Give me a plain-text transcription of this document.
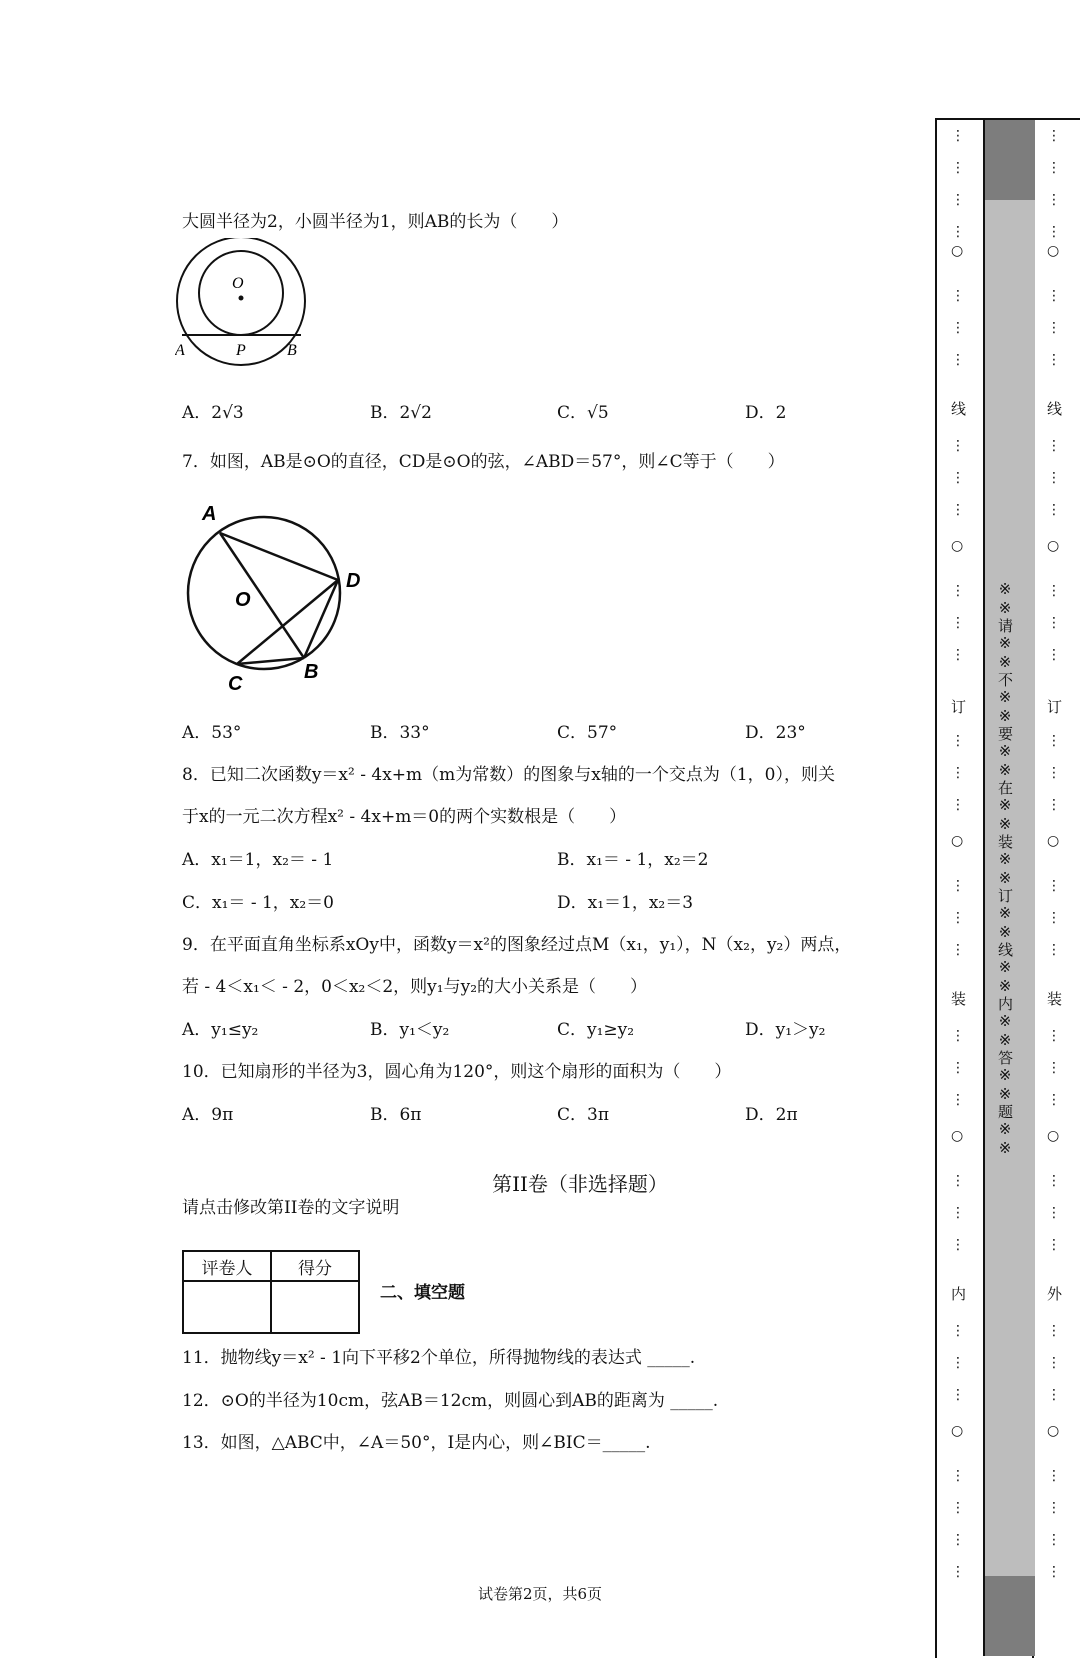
大圆半径为2，小圆半径为1，则AB的长为（　　）
O
A	P	B
A．2√3	B．2√2	C．√5	D．2
7．如图，AB是⊙O的直径，CD是⊙O的弦，∠ABD＝57°，则∠C等于（　　）
A
O
D
C
B
A．53°	B．33°	C．57°	D．23°
8．已知二次函数y＝x² - 4x+m（m为常数）的图象与x轴的一个交点为（1，0），则关
于x的一元二次方程x² - 4x+m＝0的两个实数根是（　　）
A．x₁＝1，x₂＝ - 1	B．x₁＝ - 1，x₂＝2
C．x₁＝ - 1，x₂＝0	D．x₁＝1，x₂＝3
9．在平面直角坐标系xOy中，函数y＝x²的图象经过点M（x₁，y₁），N（x₂，y₂）两点，
若 - 4＜x₁＜ - 2，0＜x₂＜2，则y₁与y₂的大小关系是（　　）
A．y₁≤y₂	B．y₁＜y₂	C．y₁≥y₂	D．y₁＞y₂
10．已知扇形的半径为3，圆心角为120°，则这个扇形的面积为（　　）
A．9π	B．6π	C．3π	D．2π
第II卷（非选择题）
请点击修改第II卷的文字说明
评卷人	得分

二、填空题
11．抛物线y＝x² - 1向下平移2个单位，所得抛物线的表达式 _____.
12．⊙O的半径为10cm，弦AB＝12cm，则圆心到AB的距离为 _____.
13．如图，△ABC中，∠A＝50°，I是内心，则∠BIC＝_____.
试卷第2页，共6页
※※请※※不※※要※※在※※装※※订※※线※※内※※答※※题※※
⋮

⋮

⋮

⋮
○
⋮

⋮

⋮
线
⋮

⋮

⋮
○
⋮

⋮

⋮
订
⋮

⋮

⋮
○
⋮

⋮

⋮
装
⋮

⋮

⋮
○
⋮

⋮

⋮
内
⋮

⋮

⋮
○
⋮

⋮

⋮

⋮
⋮

⋮

⋮

⋮
○
⋮

⋮

⋮
线
⋮

⋮

⋮
○
⋮

⋮

⋮
订
⋮

⋮

⋮
○
⋮

⋮

⋮
装
⋮

⋮

⋮
○
⋮

⋮

⋮
外
⋮

⋮

⋮
○
⋮

⋮

⋮

⋮
